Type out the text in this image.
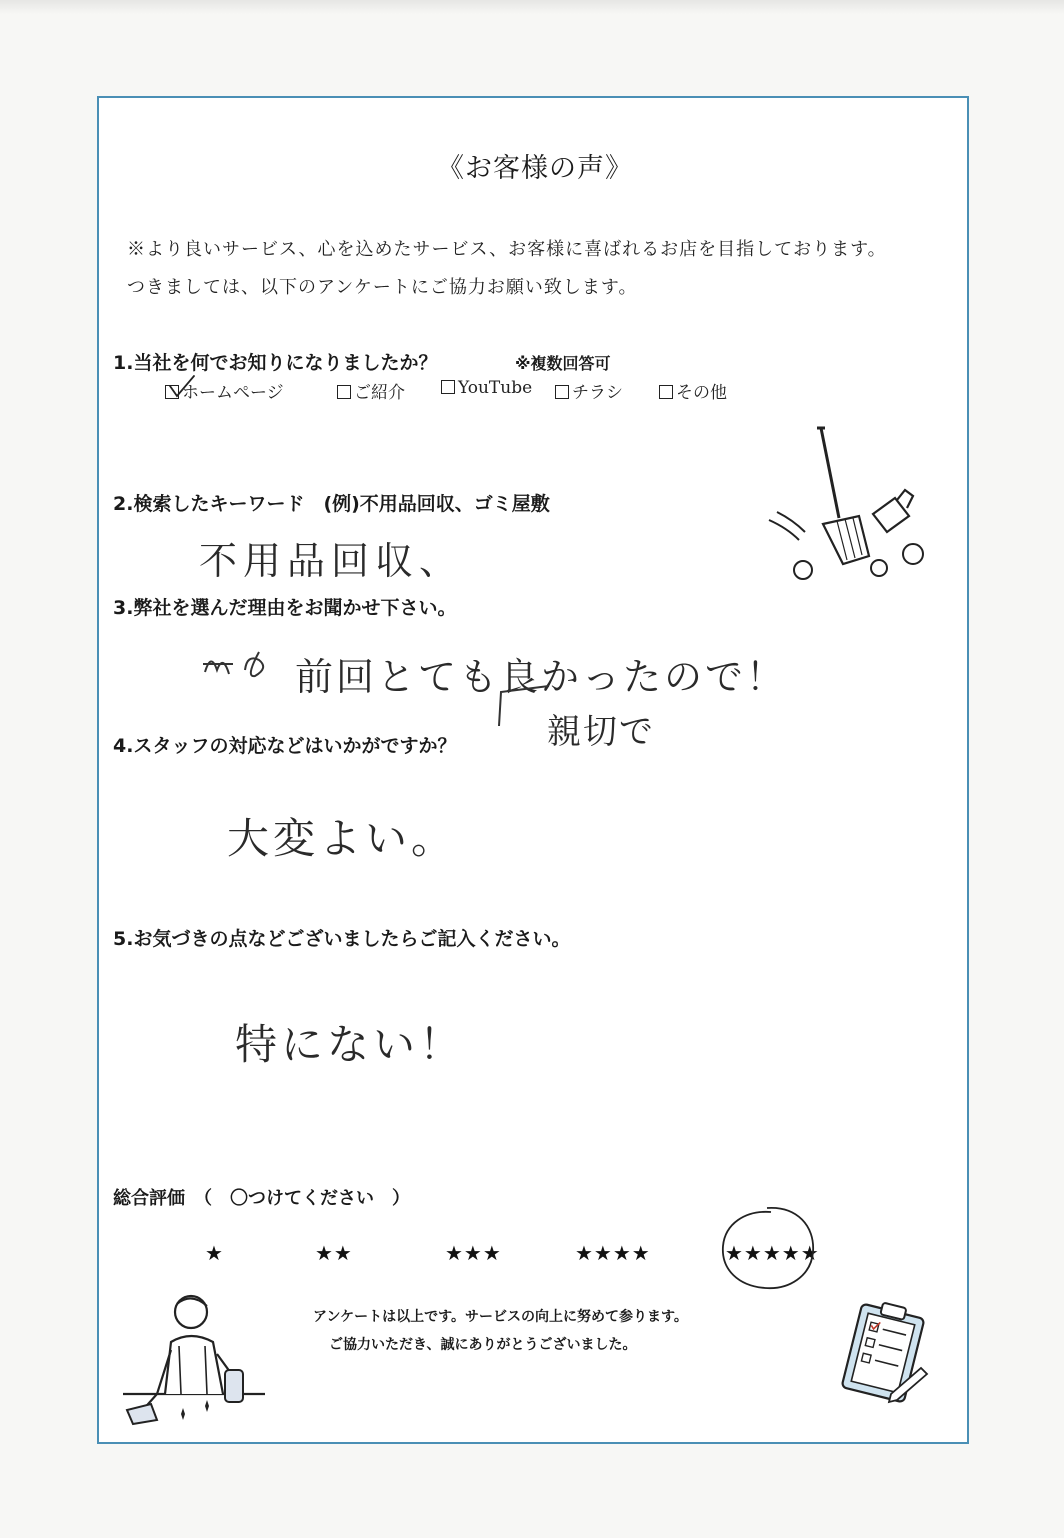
《お客様の声》
※より良いサービス、心を込めたサービス、お客様に喜ばれるお店を目指しております。
つきましては、以下のアンケートにご協力お願い致します。
1.当社を何でお知りになりましたか？	※複数回答可
ホームページ	ご紹介	YouTube	チラシ	その他
2.検索したキーワード　(例)不用品回収、ゴミ屋敷
不用品回収、
3.弊社を選んだ理由をお聞かせ下さい。
前回とても良かったので！
親切で
4.スタッフの対応などはいかがですか？
大変よい。
5.お気づきの点などございましたらご記入ください。
特にない！
総合評価　（　〇つけてください　）
★	★★	★★★	★★★★	★★★★★
アンケートは以上です。サービスの向上に努めて参ります。
ご協力いただき、誠にありがとうございました。
